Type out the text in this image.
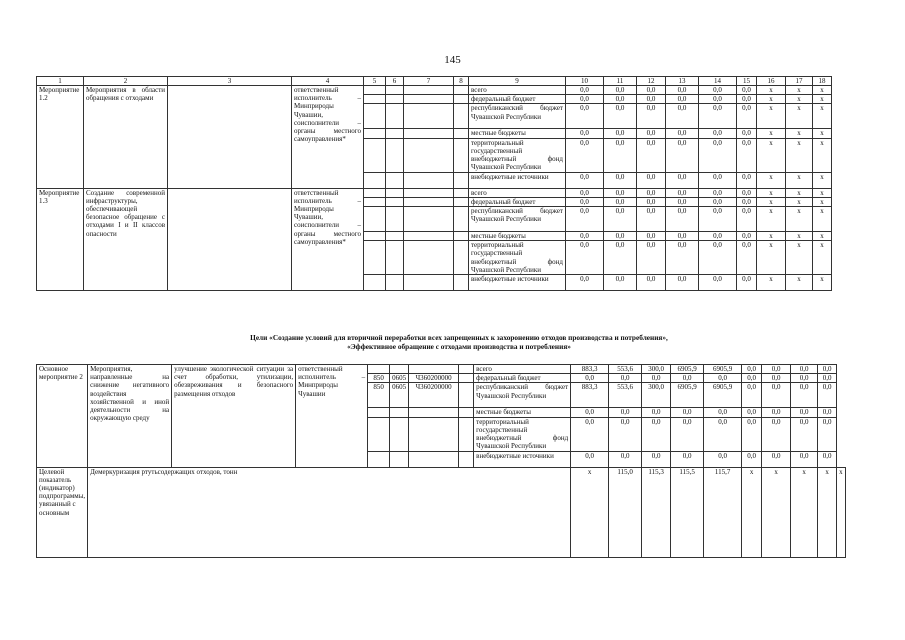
145
1	2	3	4	5	6	7	8	9	10	11	12	13	14	15	16	17	18
Мероприятие 1.2	Мероприятия в области обращения с отходами		ответственный исполнитель – Минприроды Чувашии, соисполнители – органы местного самоуправления*					всего	0,0	0,0	0,0	0,0	0,0	0,0	x	x	x
								федеральный бюджет	0,0	0,0	0,0	0,0	0,0	0,0	x	x	x
								республиканский бюджет Чувашской Республики	0,0	0,0	0,0	0,0	0,0	0,0	x	x	x
								местные бюджеты	0,0	0,0	0,0	0,0	0,0	0,0	x	x	x
								территориальный государственный внебюджетный фонд Чувашской Республики	0,0	0,0	0,0	0,0	0,0	0,0	x	x	x
								внебюджетные источники	0,0	0,0	0,0	0,0	0,0	0,0	x	x	x
Мероприятие 1.3	Создание современной инфраструктуры, обеспечивающей безопасное обращение с отходами I и II классов опасности		ответственный исполнитель – Минприроды Чувашии, соисполнители – органы местного самоуправления*					всего	0,0	0,0	0,0	0,0	0,0	0,0	x	x	x
								федеральный бюджет	0,0	0,0	0,0	0,0	0,0	0,0	x	x	x
								республиканский бюджет Чувашской Республики	0,0	0,0	0,0	0,0	0,0	0,0	x	x	x
								местные бюджеты	0,0	0,0	0,0	0,0	0,0	0,0	x	x	x
								территориальный государственный внебюджетный фонд Чувашской Республики	0,0	0,0	0,0	0,0	0,0	0,0	x	x	x
								внебюджетные источники	0,0	0,0	0,0	0,0	0,0	0,0	x	x	x
Цели «Создание условий для вторичной переработки всех запрещенных к захоронению отходов производства и потребления»,
«Эффективное обращение с отходами производства и потребления»
Основное мероприятие 2	Мероприятия, направленные на снижение негативного воздействия хозяйственной и иной деятельности на окружающую среду	улучшение экологической ситуации за счет обработки, утилизации, обезвреживания и безопасного размещения отходов	ответственный исполнитель – Минприроды Чувашии					всего	883,3	553,6	300,0	6905,9	6905,9	0,0	0,0	0,0	0,0	
				850	0605	Ч360200000		федеральный бюджет	0,0	0,0	0,0	0,0	0,0	0,0	0,0	0,0	0,0	
				850	0605	Ч360200000		республиканский бюджет Чувашской Республики	883,3	553,6	300,0	6905,9	6905,9	0,0	0,0	0,0	0,0	
								местные бюджеты	0,0	0,0	0,0	0,0	0,0	0,0	0,0	0,0	0,0	
								территориальный государственный внебюджетный фонд Чувашской Республики	0,0	0,0	0,0	0,0	0,0	0,0	0,0	0,0	0,0	
								внебюджетные источники	0,0	0,0	0,0	0,0	0,0	0,0	0,0	0,0	0,0	
Целевой показатель (индикатор) подпрограммы, увязанный с основным	Демеркуризация ртутьсодержащих отходов, тонн								x	115,0	115,3	115,5	115,7	x	x	x	x	x
